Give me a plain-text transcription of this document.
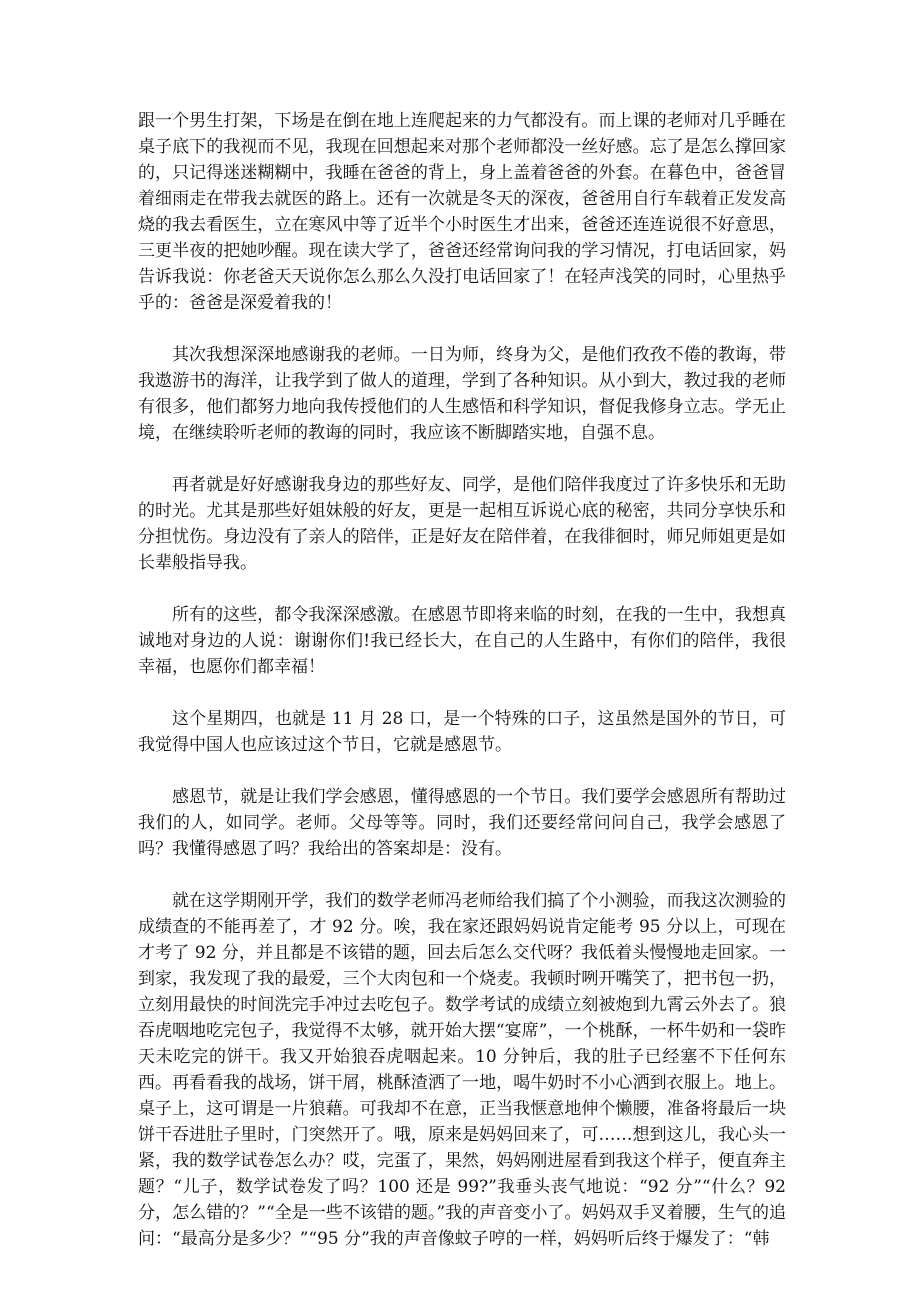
跟一个男生打架，下场是在倒在地上连爬起来的力气都没有。而上课的老师对几乎睡在桌子底下的我视而不见，我现在回想起来对那个老师都没一丝好感。忘了是怎么撑回家的，只记得迷迷糊糊中，我睡在爸爸的背上，身上盖着爸爸的外套。在暮色中，爸爸冒着细雨走在带我去就医的路上。还有一次就是冬天的深夜，爸爸用自行车载着正发发高烧的我去看医生，立在寒风中等了近半个小时医生才出来，爸爸还连连说很不好意思，三更半夜的把她吵醒。现在读大学了，爸爸还经常询问我的学习情况，打电话回家，妈告诉我说：你老爸天天说你怎么那么久没打电话回家了！在轻声浅笑的同时，心里热乎乎的：爸爸是深爱着我的！

其次我想深深地感谢我的老师。一日为师，终身为父，是他们孜孜不倦的教诲，带我遨游书的海洋，让我学到了做人的道理，学到了各种知识。从小到大，教过我的老师有很多，他们都努力地向我传授他们的人生感悟和科学知识，督促我修身立志。学无止境，在继续聆听老师的教诲的同时，我应该不断脚踏实地，自强不息。

再者就是好好感谢我身边的那些好友、同学，是他们陪伴我度过了许多快乐和无助的时光。尤其是那些好姐妹般的好友，更是一起相互诉说心底的秘密，共同分享快乐和分担忧伤。身边没有了亲人的陪伴，正是好友在陪伴着，在我徘徊时，师兄师姐更是如长辈般指导我。

所有的这些，都令我深深感激。在感恩节即将来临的时刻，在我的一生中，我想真诚地对身边的人说：谢谢你们!我已经长大，在自己的人生路中，有你们的陪伴，我很幸福，也愿你们都幸福！

这个星期四，也就是 11 月 28 口，是一个特殊的口子，这虽然是国外的节日，可我觉得中国人也应该过这个节日，它就是感恩节。

感恩节，就是让我们学会感恩，懂得感恩的一个节日。我们要学会感恩所有帮助过我们的人，如同学。老师。父母等等。同时，我们还要经常问问自己，我学会感恩了吗？我懂得感恩了吗？我给出的答案却是：没有。

就在这学期刚开学，我们的数学老师冯老师给我们搞了个小测验，而我这次测验的成绩查的不能再差了，才 92 分。唉，我在家还跟妈妈说肯定能考 95 分以上，可现在才考了 92 分，并且都是不该错的题，回去后怎么交代呀？我低着头慢慢地走回家。一到家，我发现了我的最爱，三个大肉包和一个烧麦。我顿时咧开嘴笑了，把书包一扔，立刻用最快的时间洗完手冲过去吃包子。数学考试的成绩立刻被炮到九霄云外去了。狼吞虎咽地吃完包子，我觉得不太够，就开始大摆“宴席”，一个桃酥，一杯牛奶和一袋昨天未吃完的饼干。我又开始狼吞虎咽起来。10 分钟后，我的肚子已经塞不下任何东西。再看看我的战场，饼干屑，桃酥渣洒了一地，喝牛奶时不小心洒到衣服上。地上。桌子上，这可谓是一片狼藉。可我却不在意，正当我惬意地伸个懒腰，准备将最后一块饼干吞进肚子里时，门突然开了。哦，原来是妈妈回来了，可……想到这儿，我心头一紧，我的数学试卷怎么办？哎，完蛋了，果然，妈妈刚进屋看到我这个样子，便直奔主题？“儿子，数学试卷发了吗？100 还是 99?”我垂头丧气地说：“92 分”“什么？92 分，怎么错的？”“全是一些不该错的题。”我的声音变小了。妈妈双手叉着腰，生气的追问：“最高分是多少？”“95 分”我的声音像蚊子哼的一样，妈妈听后终于爆发了：“韩
